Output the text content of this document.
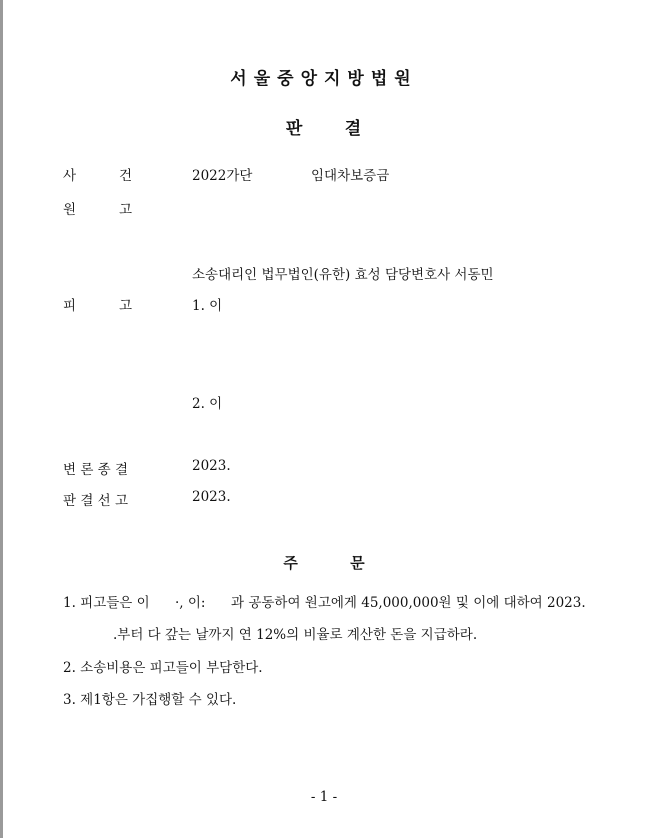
서울중앙지방법원
판      결
사          건	2022가단	임대차보증금
원          고
소송대리인 법무법인(유한) 효성 담당변호사 서동민
피          고	1. 이
2. 이
변 론 종 결	2023.
판 결 선 고	2023.
주          문
1. 피고들은 이 ·, 이: 과 공동하여 원고에게 45,000,000원 및 이에 대하여 2023.
.부터 다 갚는 날까지 연 12%의 비율로 계산한 돈을 지급하라.
2. 소송비용은 피고들이 부담한다.
3. 제1항은 가집행할 수 있다.
- 1 -
